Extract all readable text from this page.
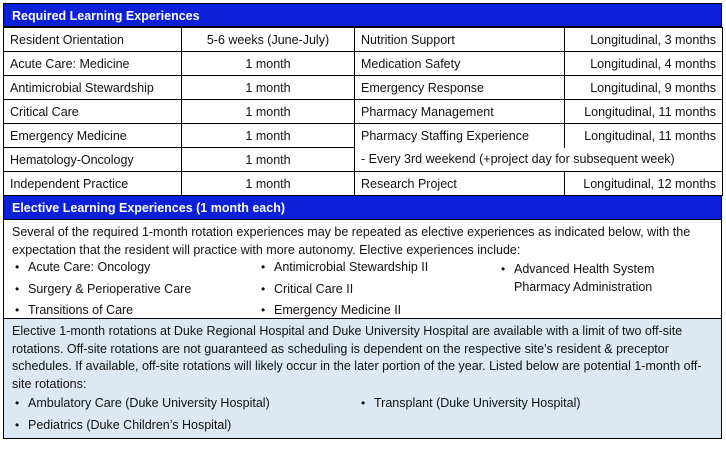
Required Learning Experiences
Resident Orientation	5-6 weeks (June-July)	Nutrition Support	Longitudinal, 3 months
Acute Care: Medicine	1 month	Medication Safety	Longitudinal, 4 months
Antimicrobial Stewardship	1 month	Emergency Response	Longitudinal, 9 months
Critical Care	1 month	Pharmacy Management	Longitudinal, 11 months
Emergency Medicine	1 month	Pharmacy Staffing Experience	Longitudinal, 11 months
Hematology-Oncology	1 month	- Every 3rd weekend (+project day for subsequent week)	
Independent Practice	1 month	Research Project	Longitudinal, 12 months
Elective Learning Experiences (1 month each)
Several of the required 1-month rotation experiences may be repeated as elective experiences as indicated below, with the expectation that the resident will practice with more autonomy. Elective experiences include:
• Acute Care: Oncology
• Surgery & Perioperative Care
• Transitions of Care
• Antimicrobial Stewardship II
• Critical Care II
• Emergency Medicine II
• Advanced Health System Pharmacy Administration
Elective 1-month rotations at Duke Regional Hospital and Duke University Hospital are available with a limit of two off-site rotations. Off-site rotations are not guaranteed as scheduling is dependent on the respective site’s resident & preceptor schedules. If available, off-site rotations will likely occur in the later portion of the year. Listed below are potential 1-month off-site rotations:
• Ambulatory Care (Duke University Hospital)
• Pediatrics (Duke Children’s Hospital)
• Transplant (Duke University Hospital)
